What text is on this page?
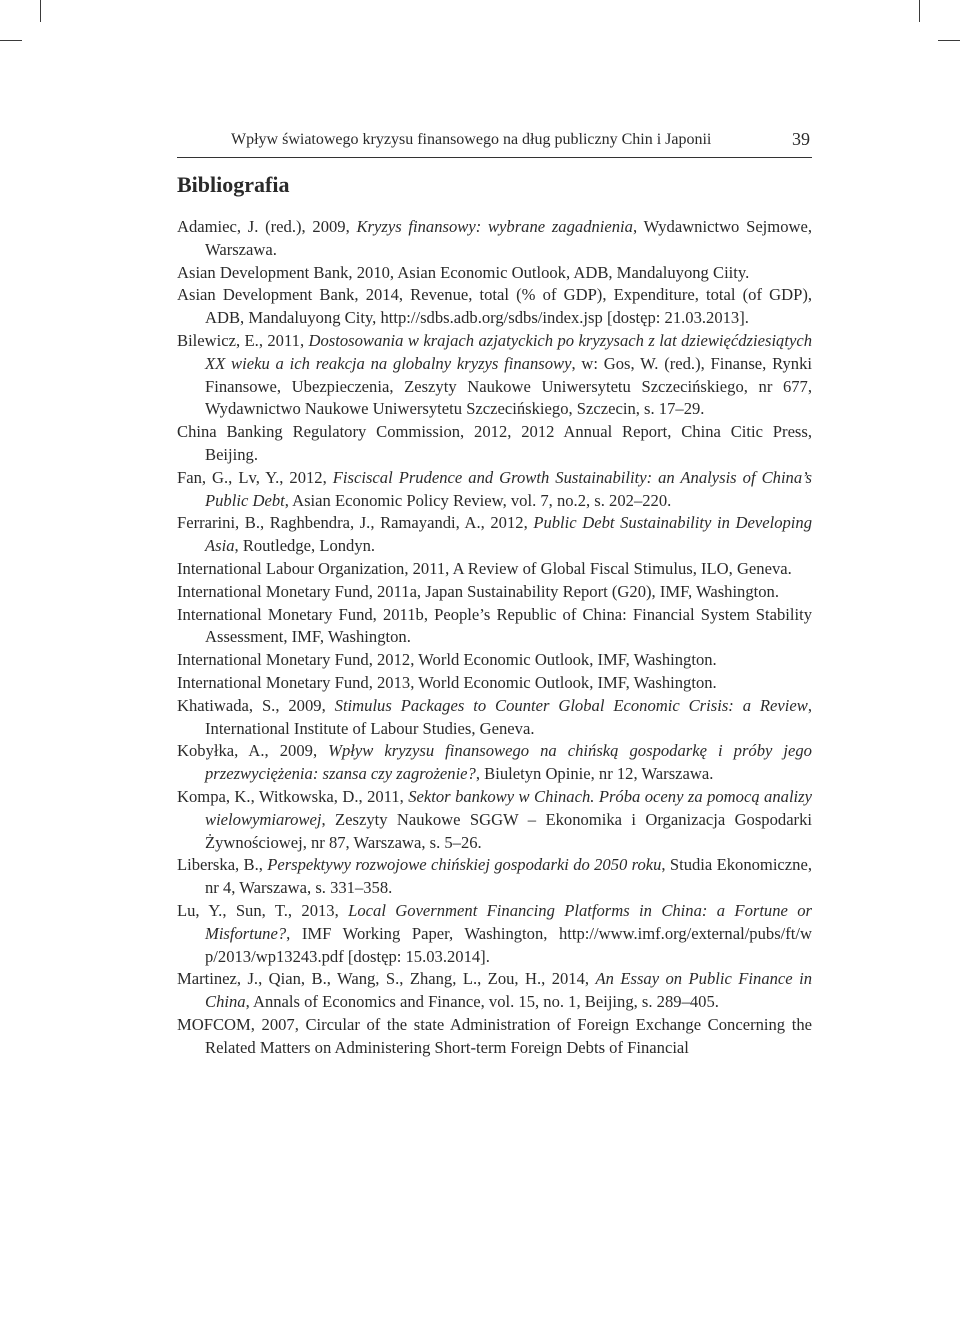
Wpływ światowego kryzysu finansowego na dług publiczny Chin i Japonii	39
Bibliografia

Adamiec, J. (red.), 2009, Kryzys finansowy: wybrane zagadnienia, Wydawnictwo Sejmowe, Warszawa.

Asian Development Bank, 2010, Asian Economic Outlook, ADB, Mandaluyong Ciity.

Asian Development Bank, 2014, Revenue, total (% of GDP), Expenditure, total (of GDP), ADB, Mandaluyong City, http://sdbs.adb.org/sdbs/index.jsp [dostęp: 21.03.2013].

Bilewicz, E., 2011, Dostosowania w krajach azjatyckich po kryzysach z lat dziewięćdziesiątych XX wieku a ich reakcja na globalny kryzys finansowy, w: Gos, W. (red.), Finanse, Rynki Finansowe, Ubezpieczenia, Zeszyty Naukowe Uniwersytetu Szczecińskiego, nr 677, Wydawnictwo Naukowe Uniwersytetu Szczecińskiego, Szczecin, s. 17–29.

China Banking Regulatory Commission, 2012, 2012 Annual Report, China Citic Press, Beijing.

Fan, G., Lv, Y., 2012, Fisciscal Prudence and Growth Sustainability: an Analysis of China’s Public Debt, Asian Economic Policy Review, vol. 7, no.2, s. 202–220.

Ferrarini, B., Raghbendra, J., Ramayandi, A., 2012, Public Debt Sustainability in Developing Asia, Routledge, Londyn.

International Labour Organization, 2011, A Review of Global Fiscal Stimulus, ILO, Geneva.

International Monetary Fund, 2011a, Japan Sustainability Report (G20), IMF, Washington.

International Monetary Fund, 2011b, People’s Republic of China: Financial System Stability Assessment, IMF, Washington.

International Monetary Fund, 2012, World Economic Outlook, IMF, Washington.

International Monetary Fund, 2013, World Economic Outlook, IMF, Washington.

Khatiwada, S., 2009, Stimulus Packages to Counter Global Economic Crisis: a Review, International Institute of Labour Studies, Geneva.

Kobyłka, A., 2009, Wpływ kryzysu finansowego na chińską gospodarkę i próby jego przezwyciężenia: szansa czy zagrożenie?, Biuletyn Opinie, nr 12, Warszawa.

Kompa, K., Witkowska, D., 2011, Sektor bankowy w Chinach. Próba oceny za pomocą analizy wielowymiarowej, Zeszyty Naukowe SGGW – Ekonomika i Organizacja Gospodarki Żywnościowej, nr 87, Warszawa, s. 5–26.

Liberska, B., Perspektywy rozwojowe chińskiej gospodarki do 2050 roku, Studia Ekonomiczne, nr 4, Warszawa, s. 331–358.

Lu, Y., Sun, T., 2013, Local Government Financing Platforms in China: a Fortune or Misfortune?, IMF Working Paper, Washington, http://www.imf.org/external/pubs/ft/w p/2013/wp13243.pdf [dostęp: 15.03.2014].

Martinez, J., Qian, B., Wang, S., Zhang, L., Zou, H., 2014, An Essay on Public Finance in China, Annals of Economics and Finance, vol. 15, no. 1, Beijing, s. 289–405.

MOFCOM, 2007, Circular of the state Administration of Foreign Exchange Concerning the Related Matters on Administering Short-term Foreign Debts of Financial
